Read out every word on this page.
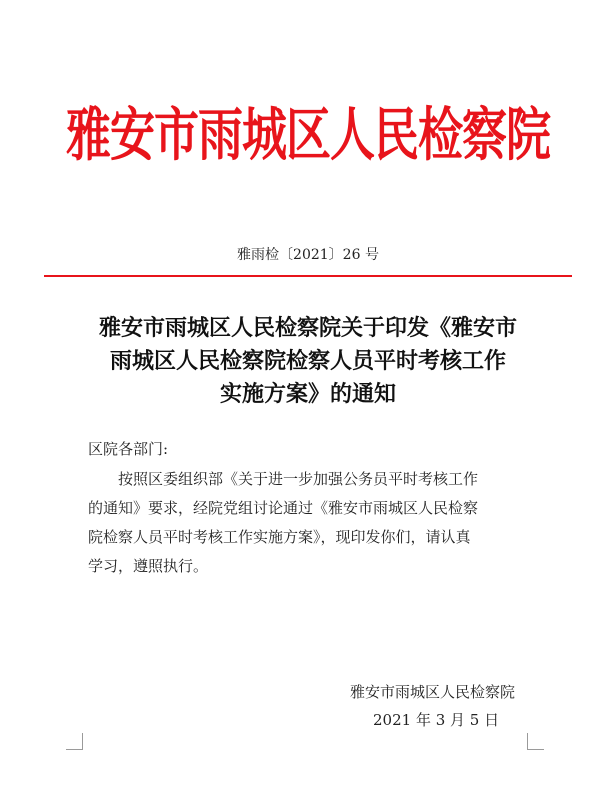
雅安市雨城区人民检察院
雅雨检〔2021〕26 号
雅安市雨城区人民检察院关于印发《雅安市
雨城区人民检察院检察人员平时考核工作
实施方案》的通知
区院各部门:
按照区委组织部《关于进一步加强公务员平时考核工作
的通知》要求，经院党组讨论通过《雅安市雨城区人民检察
院检察人员平时考核工作实施方案》，现印发你们，请认真
学习，遵照执行。
雅安市雨城区人民检察院
2021 年 3 月 5 日
